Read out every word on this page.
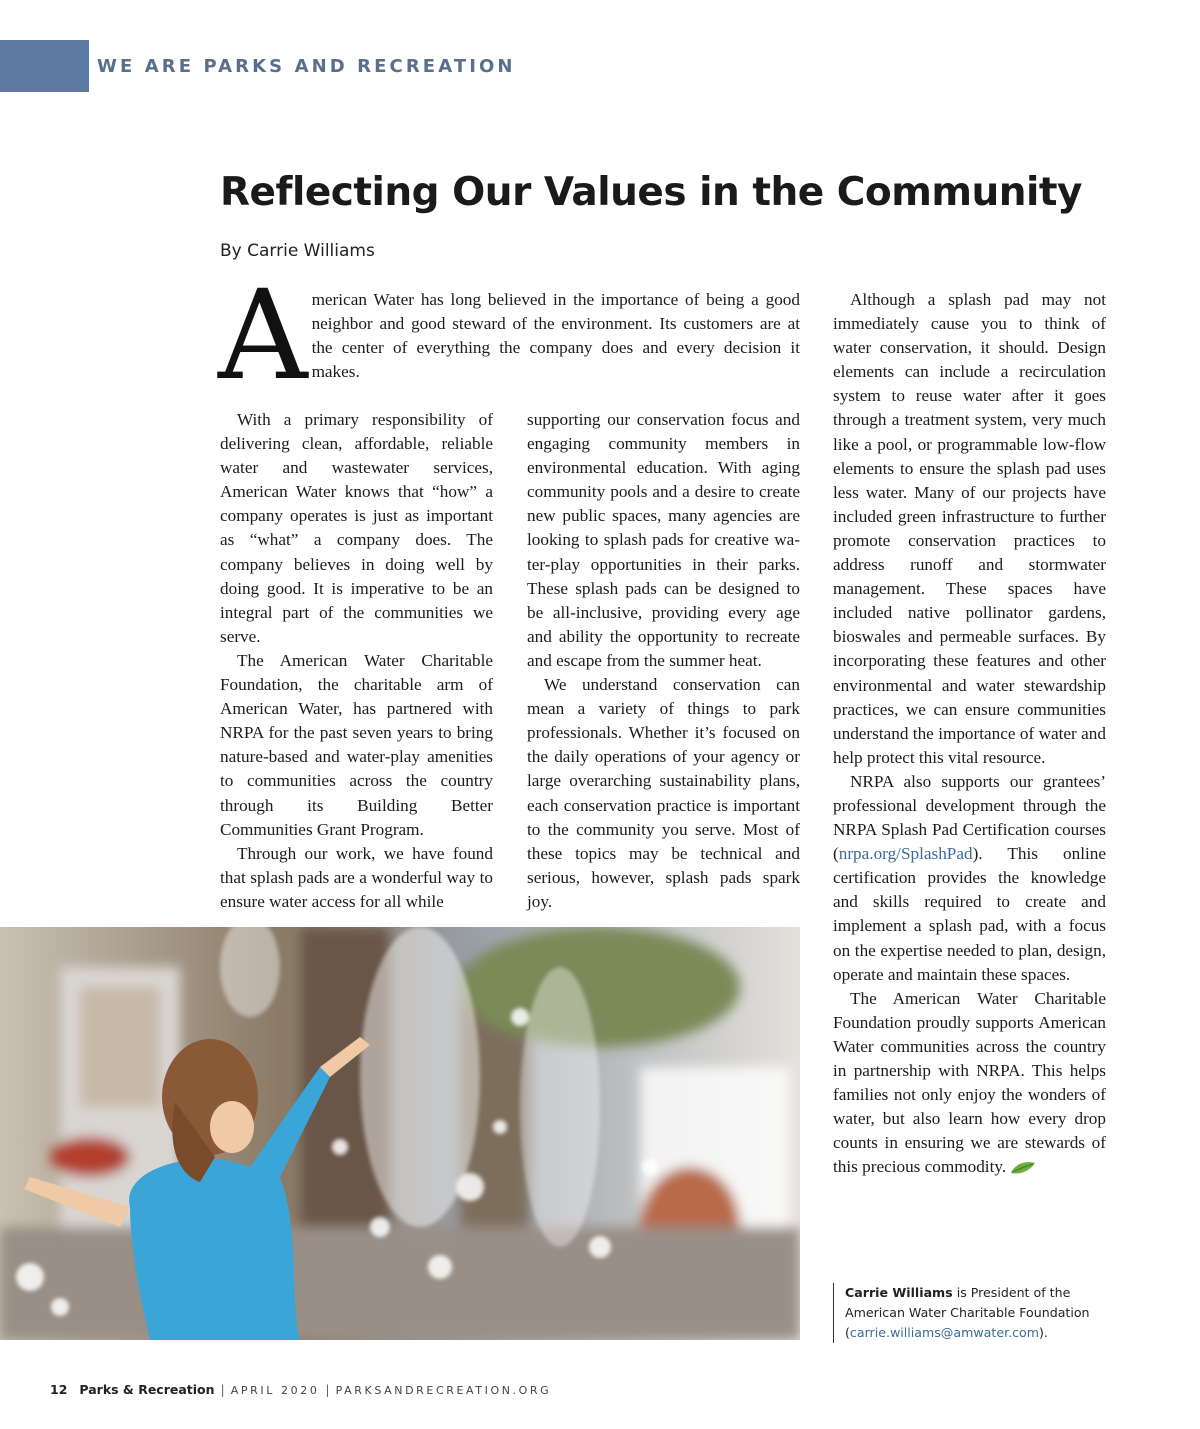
WE ARE PARKS AND RECREATION
Reflecting Our Values in the Community
By Carrie Williams
American Water has long believed in the importance of being a good neighbor and good steward of the environment. Its customers are at the center of everything the company does and every decision it makes.

With a primary responsibility of delivering clean, affordable, reliable water and wastewater services, American Water knows that “how” a company operates is just as important as “what” a company does. The company believes in doing well by doing good. It is imperative to be an integral part of the communities we serve.

The American Water Charitable Foundation, the charitable arm of American Water, has partnered with NRPA for the past seven years to bring nature-based and water-play amenities to communities across the country through its Building Better Communities Grant Program.

Through our work, we have found that splash pads are a wonderful way to ensure water access for all while

supporting our conservation focus and engaging community members in environmental education. With aging community pools and a desire to create new public spaces, many agencies are looking to splash pads for creative water-play opportunities in their parks. These splash pads can be designed to be all-inclusive, providing every age and ability the opportunity to recreate and escape from the summer heat.

We understand conservation can mean a variety of things to park professionals. Whether it’s focused on the daily operations of your agency or large overarching sustainability plans, each conservation practice is important to the community you serve. Most of these topics may be technical and serious, however, splash pads spark joy.

Although a splash pad may not immediately cause you to think of water conservation, it should. Design elements can include a recirculation system to reuse water after it goes through a treatment system, very much like a pool, or programmable low-flow elements to ensure the splash pad uses less water. Many of our projects have included green infrastructure to further promote conservation practices to address runoff and stormwater management. These spaces have included native pollinator gardens, bioswales and permeable surfaces. By incorporating these features and other environmental and water stewardship practices, we can ensure communities understand the importance of water and help protect this vital resource.

NRPA also supports our grantees’ professional development through the NRPA Splash Pad Certification courses (nrpa.org/SplashPad). This online certification provides the knowledge and skills required to create and implement a splash pad, with a focus on the expertise needed to plan, design, operate and maintain these spaces.

The American Water Charitable Foundation proudly supports American Water communities across the country in partnership with NRPA. This helps families not only enjoy the wonders of water, but also learn how every drop counts in ensuring we are stewards of this precious commodity.

Carrie Williams is President of the American Water Charitable Foundation (carrie.williams@amwater.com).
12 Parks & Recreation | APRIL 2020 | PARKSANDRECREATION.ORG
